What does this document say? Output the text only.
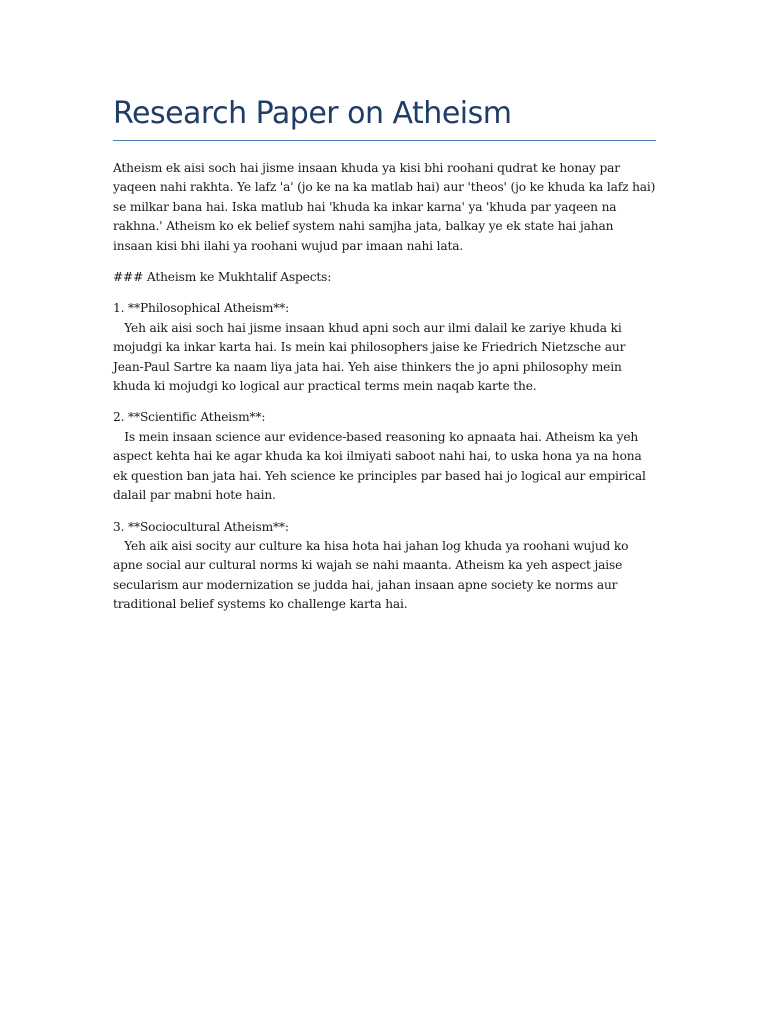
Research Paper on Atheism

Atheism ek aisi soch hai jisme insaan khuda ya kisi bhi roohani qudrat ke honay par yaqeen nahi rakhta. Ye lafz 'a' (jo ke na ka matlab hai) aur 'theos' (jo ke khuda ka lafz hai) se milkar bana hai. Iska matlub hai 'khuda ka inkar karna' ya 'khuda par yaqeen na rakhna.' Atheism ko ek belief system nahi samjha jata, balkay ye ek state hai jahan insaan kisi bhi ilahi ya roohani wujud par imaan nahi lata.

### Atheism ke Mukhtalif Aspects:

1. **Philosophical Atheism**:
Yeh aik aisi soch hai jisme insaan khud apni soch aur ilmi dalail ke zariye khuda ki mojudgi ka inkar karta hai. Is mein kai philosophers jaise ke Friedrich Nietzsche aur Jean-Paul Sartre ka naam liya jata hai. Yeh aise thinkers the jo apni philosophy mein khuda ki mojudgi ko logical aur practical terms mein naqab karte the.
2. **Scientific Atheism**:
Is mein insaan science aur evidence-based reasoning ko apnaata hai. Atheism ka yeh aspect kehta hai ke agar khuda ka koi ilmiyati saboot nahi hai, to uska hona ya na hona ek question ban jata hai. Yeh science ke principles par based hai jo logical aur empirical dalail par mabni hote hain.
3. **Sociocultural Atheism**:
Yeh aik aisi socity aur culture ka hisa hota hai jahan log khuda ya roohani wujud ko apne social aur cultural norms ki wajah se nahi maanta. Atheism ka yeh aspect jaise secularism aur modernization se judda hai, jahan insaan apne society ke norms aur traditional belief systems ko challenge karta hai.
